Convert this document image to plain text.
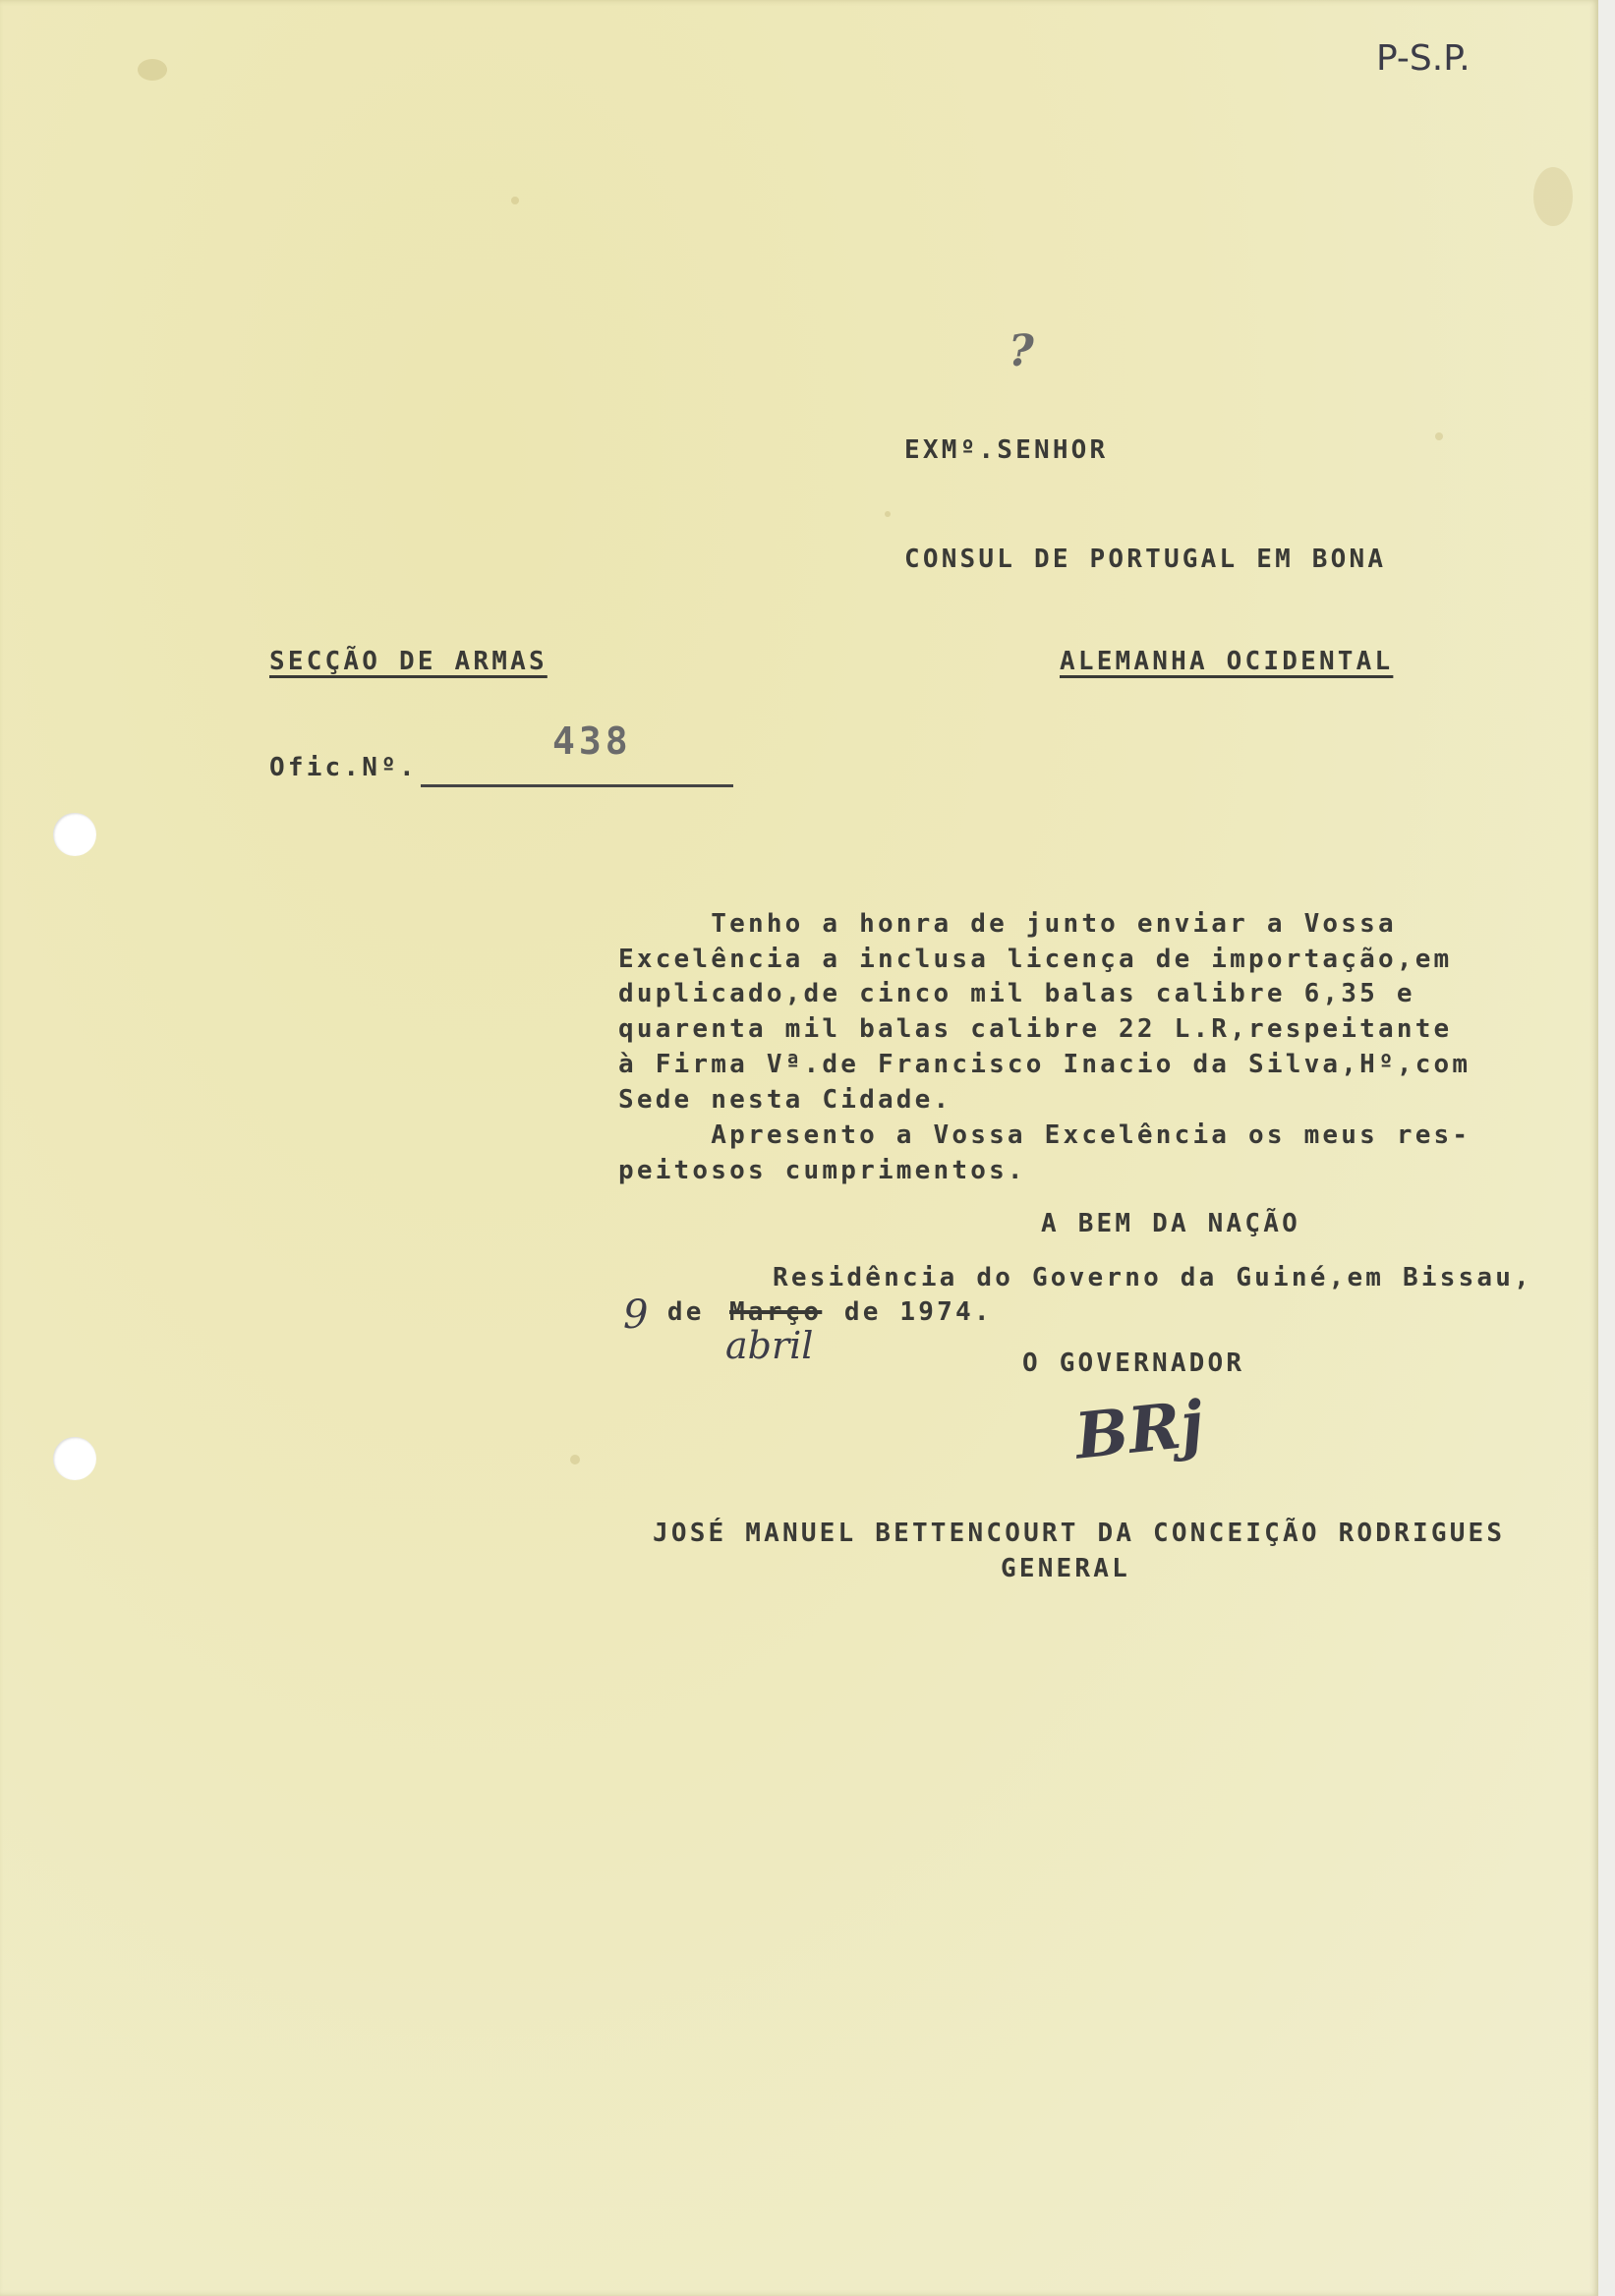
P-S.P.
?
EXMº.SENHOR
CONSUL DE PORTUGAL EM BONA
ALEMANHA OCIDENTAL
SECÇÃO DE ARMAS
Ofic.Nº.
438
Tenho a honra de junto enviar a Vossa
Excelência a inclusa licença de importação,em
duplicado,de cinco mil balas calibre 6,35 e
quarenta mil balas calibre 22 L.R,respeitante
à Firma Vª.de Francisco Inacio da Silva,Hº,com
Sede nesta Cidade.
Apresento a Vossa Excelência os meus res-
peitosos cumprimentos.
A BEM DA NAÇÃO
Residência do Governo da Guiné,em Bissau,
9 de Março de 1974.
abril	O GOVERNADOR
BRj
JOSÉ MANUEL BETTENCOURT DA CONCEIÇÃO RODRIGUES
GENERAL
